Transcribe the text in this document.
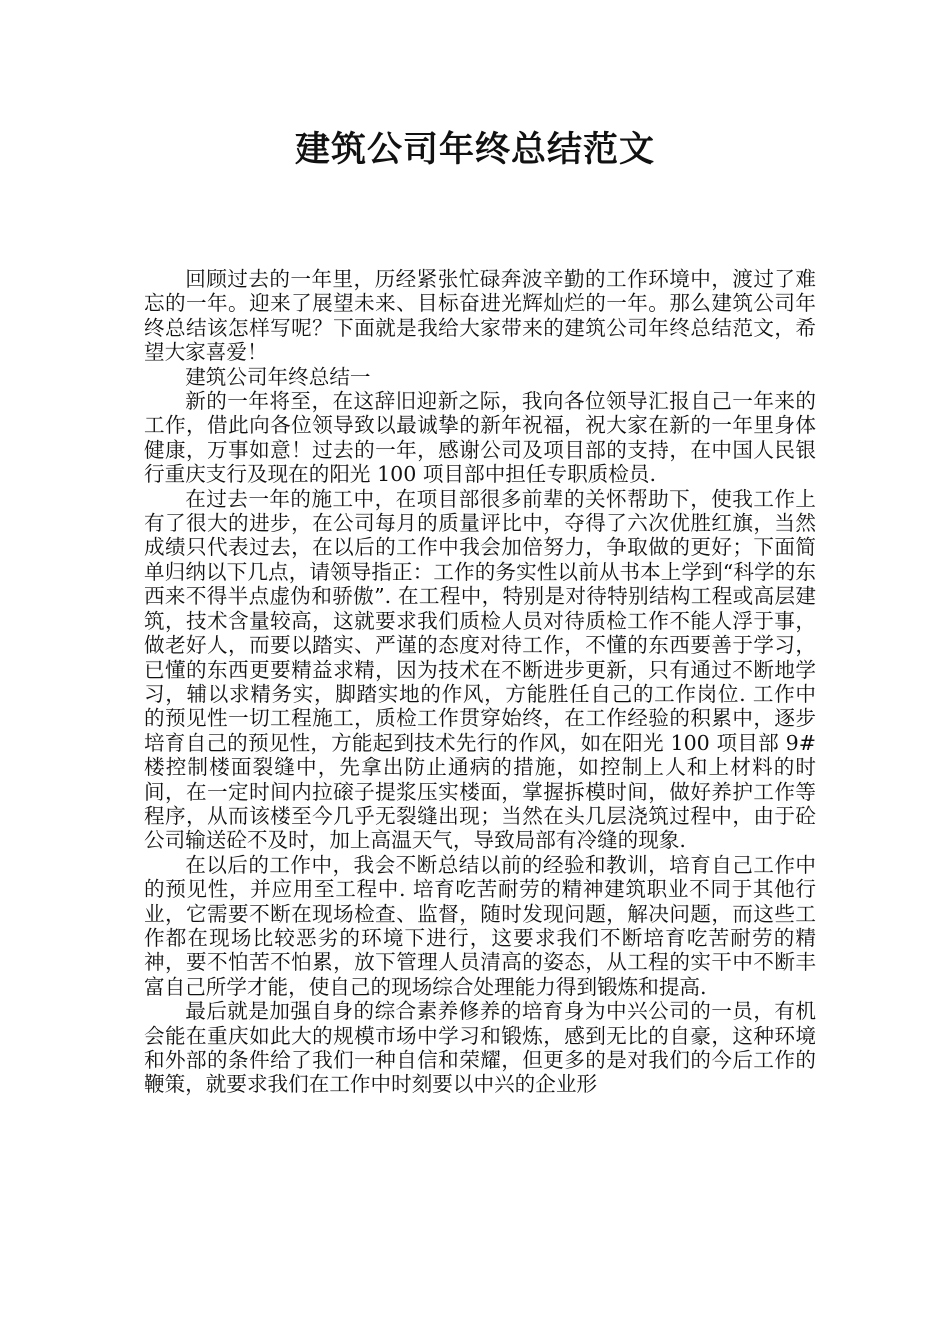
建筑公司年终总结范文

回顾过去的一年里，历经紧张忙碌奔波辛勤的工作环境中，渡过了难忘的一年。迎来了展望未来、目标奋进光辉灿烂的一年。那么建筑公司年终总结该怎样写呢？下面就是我给大家带来的建筑公司年终总结范文，希望大家喜爱！

建筑公司年终总结一

新的一年将至，在这辞旧迎新之际，我向各位领导汇报自己一年来的工作，借此向各位领导致以最诚挚的新年祝福，祝大家在新的一年里身体健康，万事如意！过去的一年，感谢公司及项目部的支持，在中国人民银行重庆支行及现在的阳光 100 项目部中担任专职质检员.

在过去一年的施工中，在项目部很多前辈的关怀帮助下，使我工作上有了很大的进步，在公司每月的质量评比中，夺得了六次优胜红旗，当然成绩只代表过去，在以后的工作中我会加倍努力，争取做的更好；下面简单归纳以下几点，请领导指正：工作的务实性以前从书本上学到“科学的东西来不得半点虚伪和骄傲”. 在工程中，特别是对待特别结构工程或高层建筑，技术含量较高，这就要求我们质检人员对待质检工作不能人浮于事，做老好人，而要以踏实、严谨的态度对待工作，不懂的东西要善于学习，已懂的东西更要精益求精，因为技术在不断进步更新，只有通过不断地学习，辅以求精务实，脚踏实地的作风，方能胜任自己的工作岗位. 工作中的预见性一切工程施工，质检工作贯穿始终，在工作经验的积累中，逐步培育自己的预见性，方能起到技术先行的作风，如在阳光 100 项目部 9#楼控制楼面裂缝中，先拿出防止通病的措施，如控制上人和上材料的时间，在一定时间内拉磙子提浆压实楼面，掌握拆模时间，做好养护工作等程序，从而该楼至今几乎无裂缝出现；当然在头几层浇筑过程中，由于砼公司输送砼不及时，加上高温天气，导致局部有冷缝的现象.

在以后的工作中，我会不断总结以前的经验和教训，培育自己工作中的预见性，并应用至工程中. 培育吃苦耐劳的精神建筑职业不同于其他行业，它需要不断在现场检查、监督，随时发现问题，解决问题，而这些工作都在现场比较恶劣的环境下进行，这要求我们不断培育吃苦耐劳的精神，要不怕苦不怕累，放下管理人员清高的姿态，从工程的实干中不断丰富自己所学才能，使自己的现场综合处理能力得到锻炼和提高.

最后就是加强自身的综合素养修养的培育身为中兴公司的一员，有机会能在重庆如此大的规模市场中学习和锻炼，感到无比的自豪，这种环境和外部的条件给了我们一种自信和荣耀，但更多的是对我们的今后工作的鞭策，就要求我们在工作中时刻要以中兴的企业形
